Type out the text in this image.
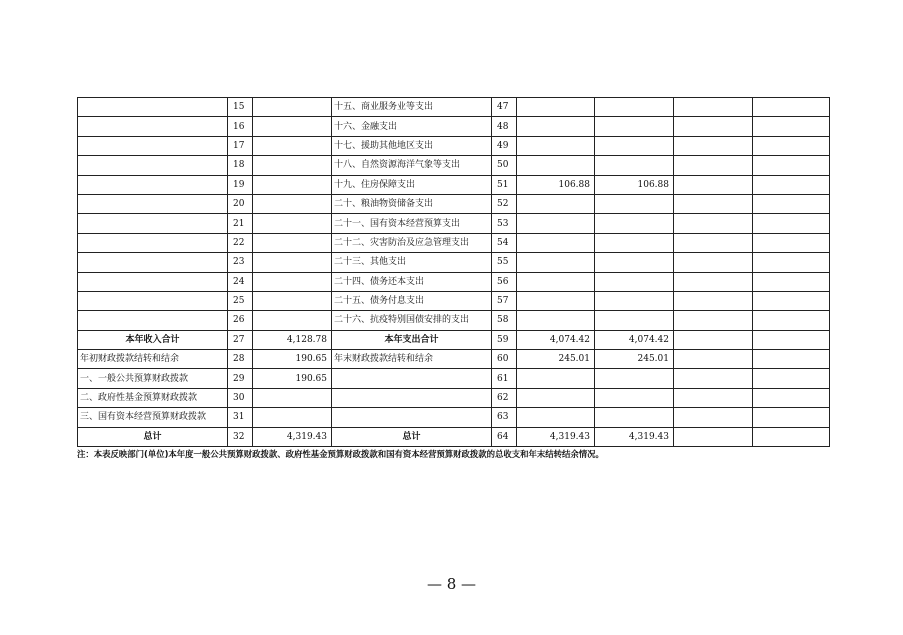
	15		十五、商业服务业等支出	47				
	16		十六、金融支出	48				
	17		十七、援助其他地区支出	49				
	18		十八、自然资源海洋气象等支出	50				
	19		十九、住房保障支出	51	106.88	106.88		
	20		二十、粮油物资储备支出	52				
	21		二十一、国有资本经营预算支出	53				
	22		二十二、灾害防治及应急管理支出	54				
	23		二十三、其他支出	55				
	24		二十四、债务还本支出	56				
	25		二十五、债务付息支出	57				
	26		二十六、抗疫特别国债安排的支出	58				
本年收入合计	27	4,128.78	本年支出合计	59	4,074.42	4,074.42		
年初财政拨款结转和结余	28	190.65	年末财政拨款结转和结余	60	245.01	245.01		
一、一般公共预算财政拨款	29	190.65		61				
二、政府性基金预算财政拨款	30			62				
三、国有资本经营预算财政拨款	31			63				
总计	32	4,319.43	总计	64	4,319.43	4,319.43		
注：本表反映部门(单位)本年度一般公共预算财政拨款、政府性基金预算财政拨款和国有资本经营预算财政拨款的总收支和年末结转结余情况。
— 8 —
